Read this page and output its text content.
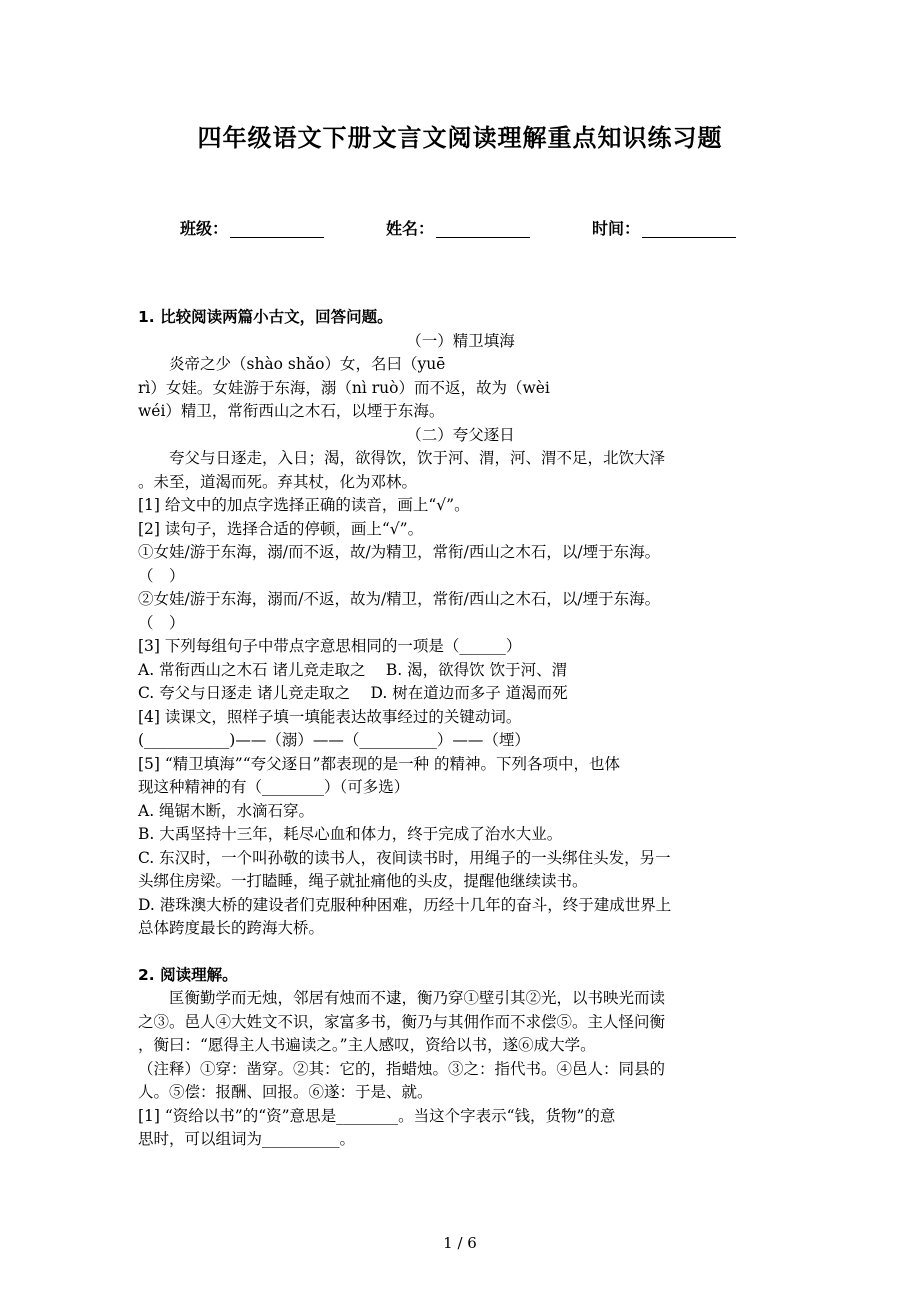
四年级语文下册文言文阅读理解重点知识练习题
班级：	姓名：	时间：

1. 比较阅读两篇小古文，回答问题。

（一）精卫填海

炎帝之少（shào shǎo）女，名曰（yuē

rì）女娃。女娃游于东海，溺（nì ruò）而不返，故为（wèi

wéi）精卫，常衔西山之木石，以堙于东海。

（二）夸父逐日

夸父与日逐走，入日；渴，欲得饮，饮于河、渭，河、渭不足，北饮大泽

。未至，道渴而死。弃其杖，化为邓林。

[1] 给文中的加点字选择正确的读音，画上“√”。

[2] 读句子，选择合适的停顿，画上“√”。

①女娃/游于东海，溺/而不返，故/为精卫，常衔/西山之木石，以/堙于东海。

（　）

②女娃/游于东海，溺而/不返，故为/精卫，常衔/西山之木石，以/堙于东海。

（　）

[3] 下列每组句子中带点字意思相同的一项是（______）

A. 常衔西山之木石 诸儿竞走取之　 B. 渴，欲得饮 饮于河、渭

C. 夸父与日逐走 诸儿竞走取之　 D. 树在道边而多子 道渴而死

[4] 读课文，照样子填一填能表达故事经过的关键动词。

(___________)——（溺）——（__________）——（堙）

[5] “精卫填海”“夸父逐日”都表现的是一种 的精神。下列各项中，也体

现这种精神的有（________）（可多选）

A. 绳锯木断，水滴石穿。

B. 大禹坚持十三年，耗尽心血和体力，终于完成了治水大业。

C. 东汉时，一个叫孙敬的读书人，夜间读书时，用绳子的一头绑住头发，另一

头绑住房梁。一打瞌睡，绳子就扯痛他的头皮，提醒他继续读书。

D. 港珠澳大桥的建设者们克服种种困难，历经十几年的奋斗，终于建成世界上

总体跨度最长的跨海大桥。

2. 阅读理解。

匡衡勤学而无烛，邻居有烛而不逮，衡乃穿①壁引其②光，以书映光而读

之③。邑人④大姓文不识，家富多书，衡乃与其佣作而不求偿⑤。主人怪问衡

，衡曰：“愿得主人书遍读之。”主人感叹，资给以书，遂⑥成大学。

（注释）①穿：凿穿。②其：它的，指蜡烛。③之：指代书。④邑人：同县的

人。⑤偿：报酬、回报。⑥遂：于是、就。

[1] “资给以书”的“资”意思是________。当这个字表示“钱，货物”的意

思时，可以组词为__________。

1 / 6
